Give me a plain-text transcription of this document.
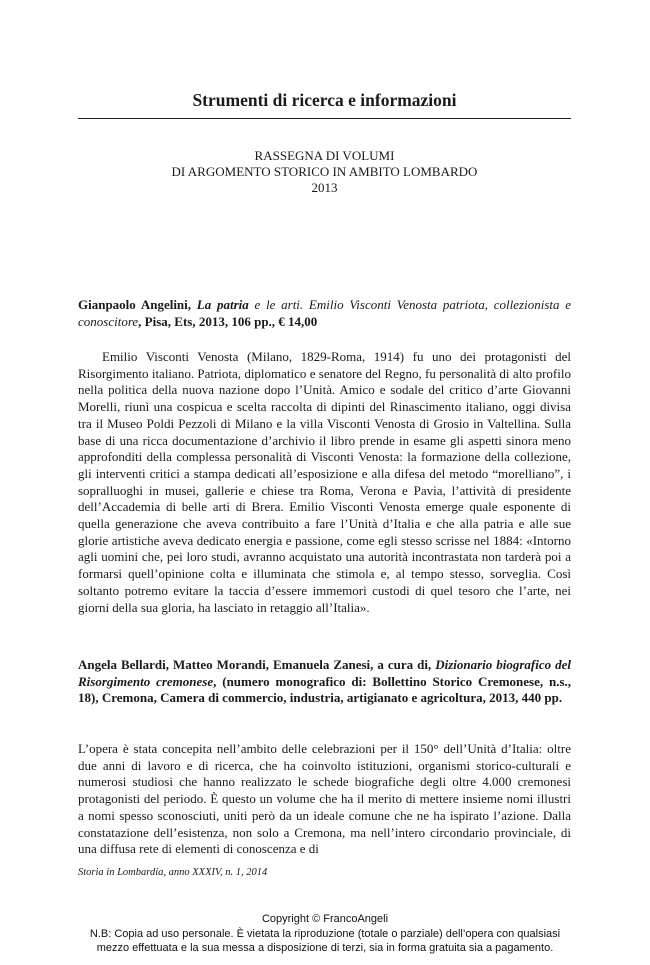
Strumenti di ricerca e informazioni
RASSEGNA DI VOLUMI
DI ARGOMENTO STORICO IN AMBITO LOMBARDO
2013
Gianpaolo Angelini, La patria e le arti. Emilio Visconti Venosta patriota, collezionista e conoscitore, Pisa, Ets, 2013, 106 pp., € 14,00
Emilio Visconti Venosta (Milano, 1829-Roma, 1914) fu uno dei protagonisti del Risorgimento italiano. Patriota, diplomatico e senatore del Regno, fu personalità di alto profilo nella politica della nuova nazione dopo l’Unità. Amico e sodale del critico d’arte Giovanni Morelli, riunì una cospicua e scelta raccolta di dipinti del Rinascimento italiano, oggi divisa tra il Museo Poldi Pezzoli di Milano e la villa Visconti Venosta di Grosio in Valtellina. Sulla base di una ricca documentazione d’archivio il libro prende in esame gli aspetti sinora meno approfonditi della complessa personalità di Visconti Venosta: la formazione della collezione, gli interventi critici a stampa dedicati all’esposizione e alla difesa del metodo “morelliano”, i sopralluoghi in musei, gallerie e chiese tra Roma, Verona e Pavia, l’attività di presidente dell’Accademia di belle arti di Brera. Emilio Visconti Venosta emerge quale esponente di quella generazione che aveva contribuito a fare l’Unità d’Italia e che alla patria e alle sue glorie artistiche aveva dedicato energia e passione, come egli stesso scrisse nel 1884: «Intorno agli uomini che, pei loro studi, avranno acquistato una autorità incontrastata non tarderà poi a formarsi quell’opinione colta e illuminata che stimola e, al tempo stesso, sorveglia. Così soltanto potremo evitare la taccia d’essere immemori custodi di quel tesoro che l’arte, nei giorni della sua gloria, ha lasciato in retaggio all’Italia».
Angela Bellardi, Matteo Morandi, Emanuela Zanesi, a cura di, Dizionario biografico del Risorgimento cremonese, (numero monografico di: Bollettino Storico Cremonese, n.s., 18), Cremona, Camera di commercio, industria, artigianato e agricoltura, 2013, 440 pp.
L’opera è stata concepita nell’ambito delle celebrazioni per il 150° dell’Unità d’Italia: oltre due anni di lavoro e di ricerca, che ha coinvolto istituzioni, organismi storico-culturali e numerosi studiosi che hanno realizzato le schede biografiche degli oltre 4.000 cremonesi protagonisti del periodo. È questo un volume che ha il merito di mettere insieme nomi illustri a nomi spesso sconosciuti, uniti però da un ideale comune che ne ha ispirato l’azione. Dalla constatazione dell’esistenza, non solo a Cremona, ma nell’intero circondario provinciale, di una diffusa rete di elementi di conoscenza e di
Storia in Lombardia, anno XXXIV, n. 1, 2014
Copyright © FrancoAngeli
N.B: Copia ad uso personale. È vietata la riproduzione (totale o parziale) dell’opera con qualsiasi
mezzo effettuata e la sua messa a disposizione di terzi, sia in forma gratuita sia a pagamento.
